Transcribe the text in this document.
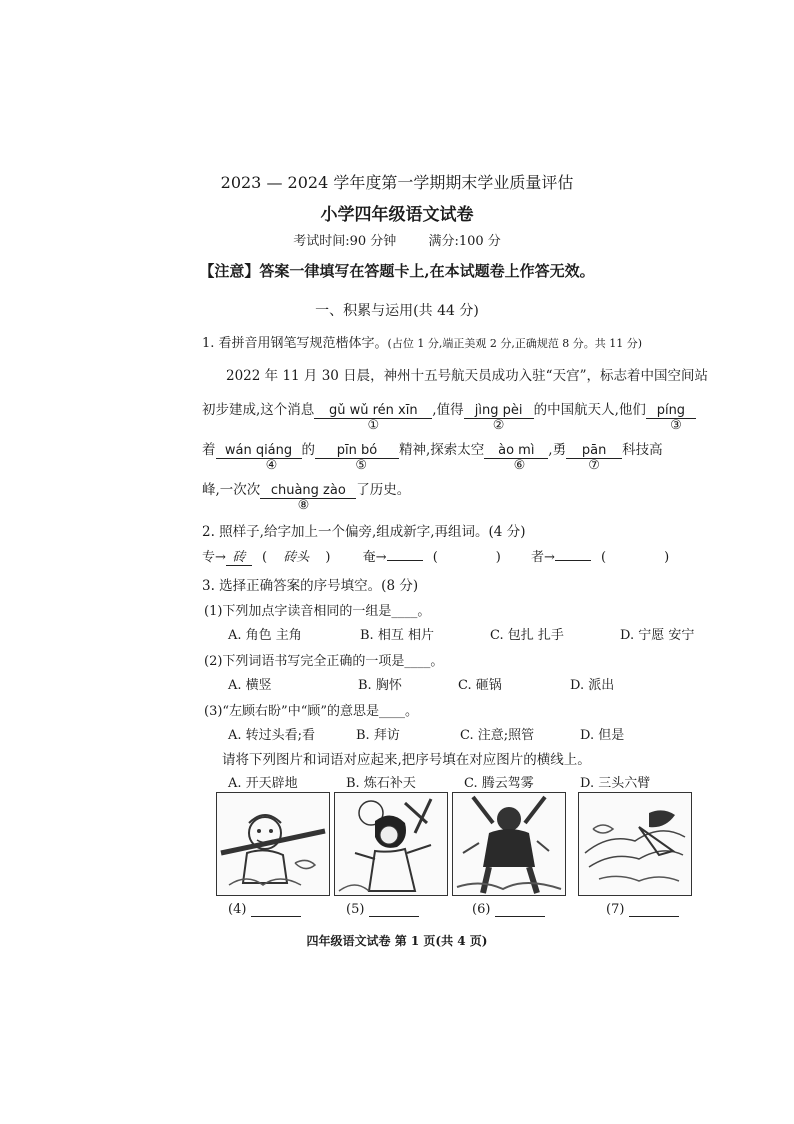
2023 — 2024 学年度第一学期期末学业质量评估
小学四年级语文试卷
考试时间:90 分钟 满分:100 分
【注意】答案一律填写在答题卡上,在本试题卷上作答无效。
一、积累与运用(共 44 分)
1. 看拼音用钢笔写规范楷体字。(占位 1 分,端正美观 2 分,正确规范 8 分。共 11 分)
2022 年 11 月 30 日晨，神州十五号航天员成功入驻“天宫”，标志着中国空间站
初步建成,这个消息 gǔ wǔ rén xīn
①
,值得 jìng pèi
②
的中国航天人,他们 píng
③
着 wán qiáng
④
的 pīn bó
⑤
精神,探索太空 ào mì
⑥
,勇 pān
⑦
科技高
峰,一次次 chuàng zào
⑧
了历史。
2. 照样子,给字加上一个偏旁,组成新字,再组词。(4 分)
专→ 砖 ( 砖头 ) 奄→	(	) 者→	(	)
3. 选择正确答案的序号填空。(8 分)
(1)下列加点字读音相同的一组是____。
A. 角色 主角	B. 相互 相片	C. 包扎 扎手	D. 宁愿 安宁
(2)下列词语书写完全正确的一项是____。
A. 横竖	B. 胸怀	C. 砸锅	D. 派出
(3)“左顾右盼”中“顾”的意思是____。
A. 转过头看;看	B. 拜访	C. 注意;照管	D. 但是
请将下列图片和词语对应起来,把序号填在对应图片的横线上。
A. 开天辟地	B. 炼石补天	C. 腾云驾雾	D. 三头六臂
(4)	(5)	(6)	(7)
四年级语文试卷 第 1 页(共 4 页)
